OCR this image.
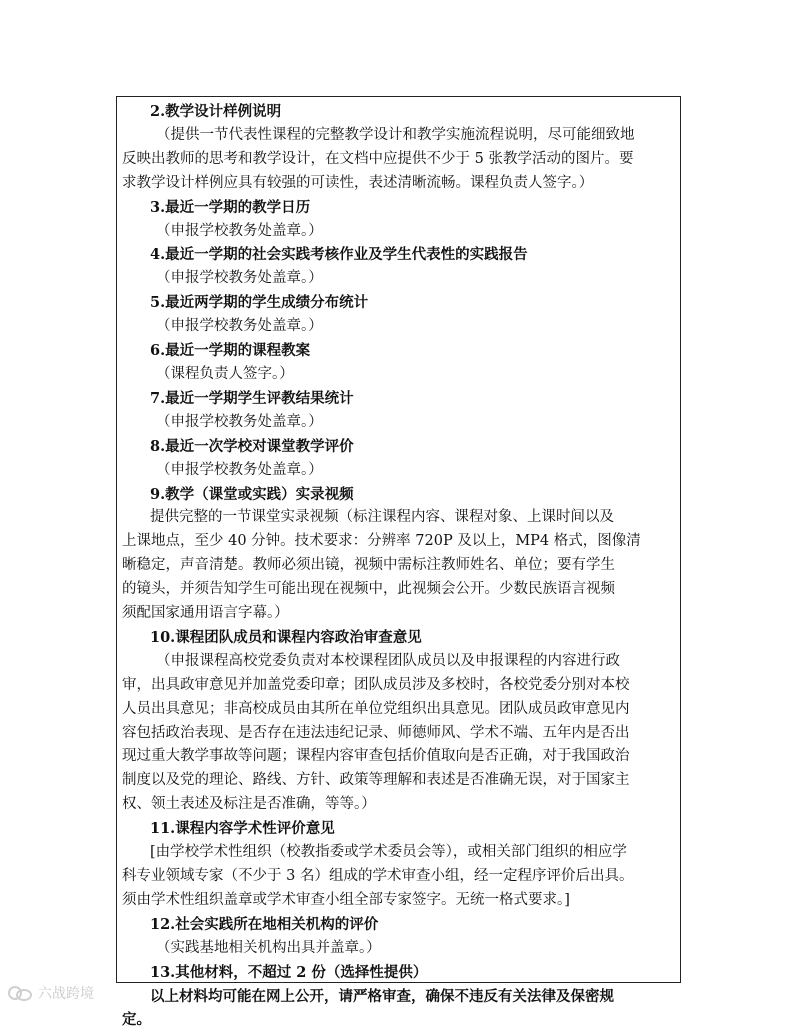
2.教学设计样例说明
（提供一节代表性课程的完整教学设计和教学实施流程说明，尽可能细致地
反映出教师的思考和教学设计，在文档中应提供不少于 5 张教学活动的图片。要
求教学设计样例应具有较强的可读性，表述清晰流畅。课程负责人签字。）
3.最近一学期的教学日历
（申报学校教务处盖章。）
4.最近一学期的社会实践考核作业及学生代表性的实践报告
（申报学校教务处盖章。）
5.最近两学期的学生成绩分布统计
（申报学校教务处盖章。）
6.最近一学期的课程教案
（课程负责人签字。）
7.最近一学期学生评教结果统计
（申报学校教务处盖章。）
8.最近一次学校对课堂教学评价
（申报学校教务处盖章。）
9.教学（课堂或实践）实录视频
提供完整的一节课堂实录视频（标注课程内容、课程对象、上课时间以及
上课地点，至少 40 分钟。技术要求：分辨率 720P 及以上，MP4 格式，图像清
晰稳定，声音清楚。教师必须出镜，视频中需标注教师姓名、单位；要有学生
的镜头，并须告知学生可能出现在视频中，此视频会公开。少数民族语言视频
须配国家通用语言字幕。）
10.课程团队成员和课程内容政治审查意见
（申报课程高校党委负责对本校课程团队成员以及申报课程的内容进行政
审，出具政审意见并加盖党委印章；团队成员涉及多校时，各校党委分别对本校
人员出具意见；非高校成员由其所在单位党组织出具意见。团队成员政审意见内
容包括政治表现、是否存在违法违纪记录、师德师风、学术不端、五年内是否出
现过重大教学事故等问题；课程内容审查包括价值取向是否正确，对于我国政治
制度以及党的理论、路线、方针、政策等理解和表述是否准确无误，对于国家主
权、领土表述及标注是否准确，等等。）
11.课程内容学术性评价意见
[由学校学术性组织（校教指委或学术委员会等），或相关部门组织的相应学
科专业领域专家（不少于 3 名）组成的学术审查小组，经一定程序评价后出具。
须由学术性组织盖章或学术审查小组全部专家签字。无统一格式要求。]
12.社会实践所在地相关机构的评价
（实践基地相关机构出具并盖章。）
13.其他材料，不超过 2 份（选择性提供）
以上材料均可能在网上公开，请严格审查，确保不违反有关法律及保密规
定。
六战跨境
